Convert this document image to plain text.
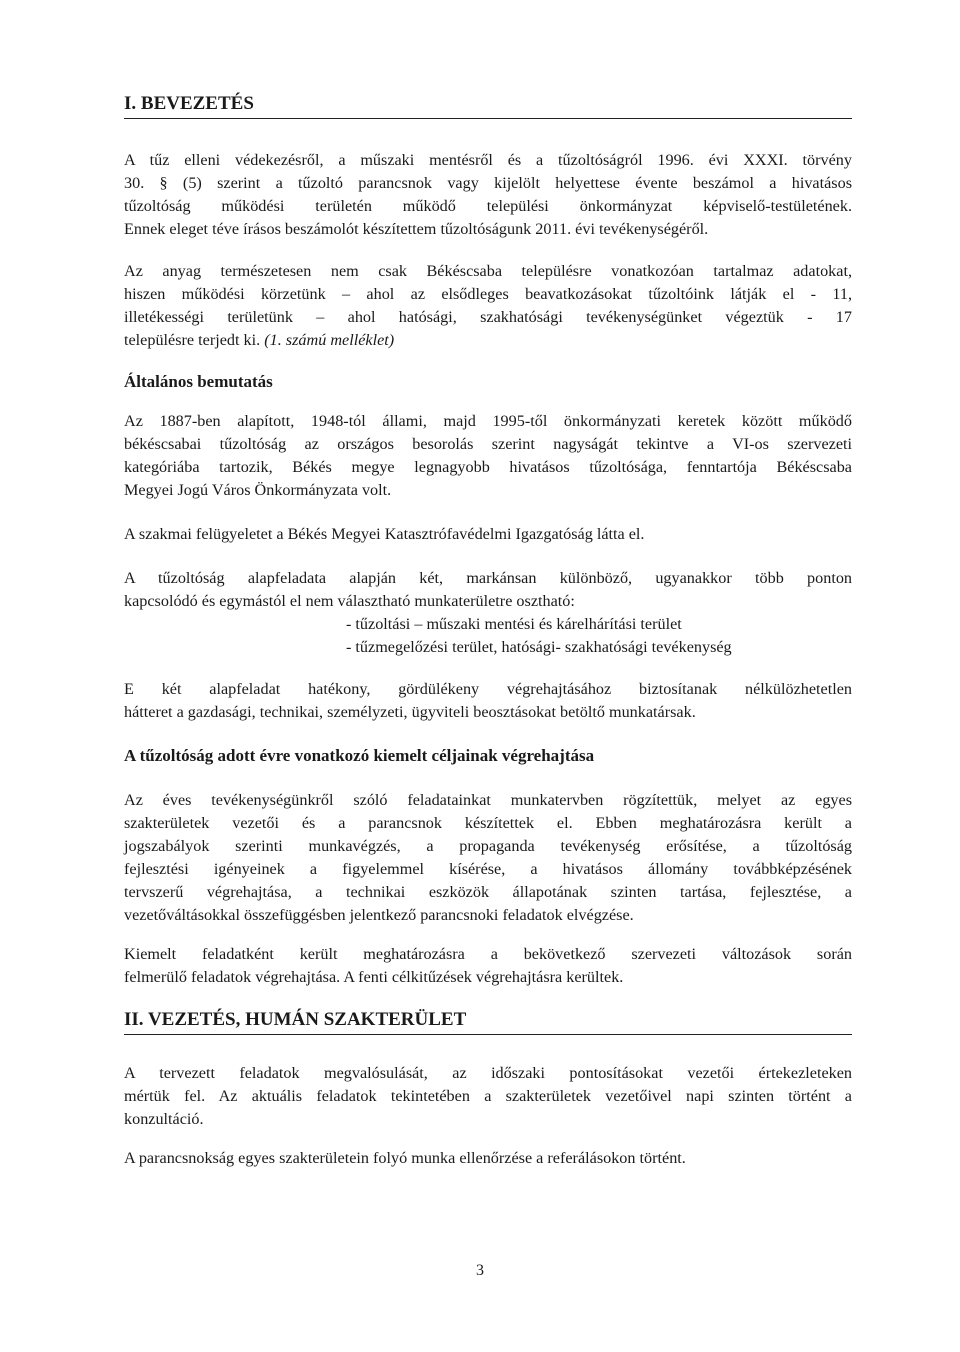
I. BEVEZETÉS
A tűz elleni védekezésről, a műszaki mentésről és a tűzoltóságról 1996. évi XXXI. törvény
30. § (5) szerint a tűzoltó parancsnok vagy kijelölt helyettese évente beszámol a hivatásos
tűzoltóság működési területén működő települési önkormányzat képviselő-testületének.
Ennek eleget téve írásos beszámolót készítettem tűzoltóságunk 2011. évi tevékenységéről.
Az anyag természetesen nem csak Békéscsaba településre vonatkozóan tartalmaz adatokat,
hiszen működési körzetünk – ahol az elsődleges beavatkozásokat tűzoltóink látják el - 11,
illetékességi területünk – ahol hatósági, szakhatósági tevékenységünket végeztük - 17
településre terjedt ki. (1. számú melléklet)
Általános bemutatás
Az 1887-ben alapított, 1948-tól állami, majd 1995-től önkormányzati keretek között működő
békéscsabai tűzoltóság az országos besorolás szerint nagyságát tekintve a VI-os szervezeti
kategóriába tartozik, Békés megye legnagyobb hivatásos tűzoltósága, fenntartója Békéscsaba
Megyei Jogú Város Önkormányzata volt.
A szakmai felügyeletet a Békés Megyei Katasztrófavédelmi Igazgatóság látta el.
A tűzoltóság alapfeladata alapján két, markánsan különböző, ugyanakkor több ponton
kapcsolódó és egymástól el nem választható munkaterületre osztható:
- tűzoltási – műszaki mentési és kárelhárítási terület
- tűzmegelőzési terület, hatósági- szakhatósági tevékenység
E két alapfeladat hatékony, gördülékeny végrehajtásához biztosítanak nélkülözhetetlen
hátteret a gazdasági, technikai, személyzeti, ügyviteli beosztásokat betöltő munkatársak.
A tűzoltóság adott évre vonatkozó kiemelt céljainak végrehajtása
Az éves tevékenységünkről szóló feladatainkat munkatervben rögzítettük, melyet az egyes
szakterületek vezetői és a parancsnok készítettek el. Ebben meghatározásra került a
jogszabályok szerinti munkavégzés, a propaganda tevékenység erősítése, a tűzoltóság
fejlesztési igényeinek a figyelemmel kísérése, a hivatásos állomány továbbképzésének
tervszerű végrehajtása, a technikai eszközök állapotának szinten tartása, fejlesztése, a
vezetőváltásokkal összefüggésben jelentkező parancsnoki feladatok elvégzése.
Kiemelt feladatként került meghatározásra a bekövetkező szervezeti változások során
felmerülő feladatok végrehajtása. A fenti célkitűzések végrehajtásra kerültek.
II. VEZETÉS, HUMÁN SZAKTERÜLET
A tervezett feladatok megvalósulását, az időszaki pontosításokat vezetői értekezleteken
mértük fel. Az aktuális feladatok tekintetében a szakterületek vezetőivel napi szinten történt a
konzultáció.
A parancsnokság egyes szakterületein folyó munka ellenőrzése a referálásokon történt.
3
